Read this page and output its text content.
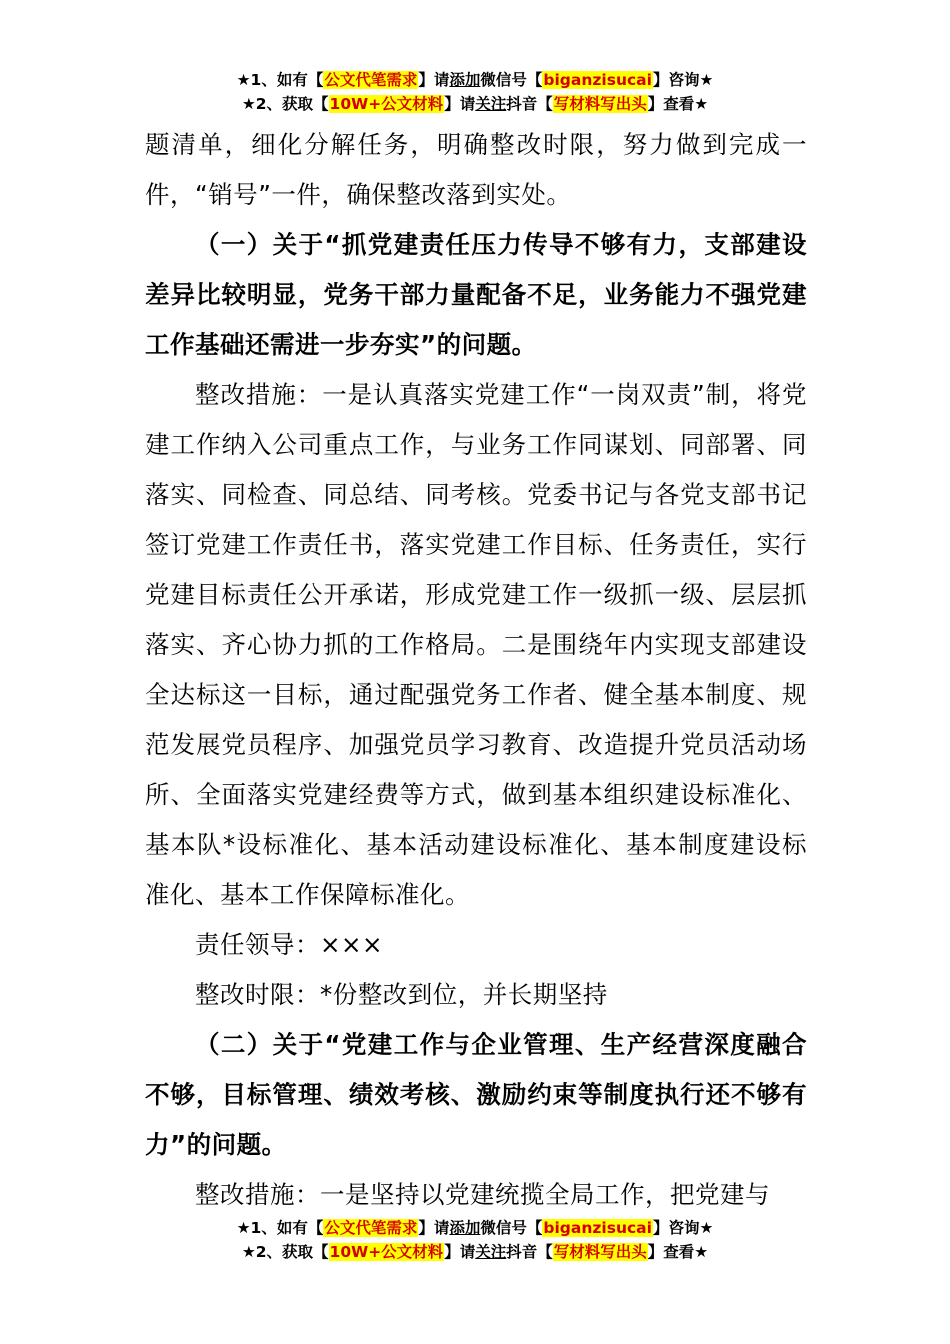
★1、如有【公文代笔需求】请添加微信号【biganzisucai】咨询★
★2、获取【10W+公文材料】请关注抖音【写材料写出头】查看★

题清单，细化分解任务，明确整改时限，努力做到完成一件，“销号”一件，确保整改落到实处。

（一）关于“抓党建责任压力传导不够有力，支部建设差异比较明显，党务干部力量配备不足，业务能力不强党建工作基础还需进一步夯实”的问题。

整改措施：一是认真落实党建工作“一岗双责”制，将党建工作纳入公司重点工作，与业务工作同谋划、同部署、同落实、同检查、同总结、同考核。党委书记与各党支部书记签订党建工作责任书，落实党建工作目标、任务责任，实行党建目标责任公开承诺，形成党建工作一级抓一级、层层抓落实、齐心协力抓的工作格局。二是围绕年内实现支部建设全达标这一目标，通过配强党务工作者、健全基本制度、规范发展党员程序、加强党员学习教育、改造提升党员活动场所、全面落实党建经费等方式，做到基本组织建设标准化、基本队*设标准化、基本活动建设标准化、基本制度建设标准化、基本工作保障标准化。

责任领导：×××

整改时限：*份整改到位，并长期坚持

（二）关于“党建工作与企业管理、生产经营深度融合不够，目标管理、绩效考核、激励约束等制度执行还不够有力”的问题。

整改措施：一是坚持以党建统揽全局工作，把党建与

★1、如有【公文代笔需求】请添加微信号【biganzisucai】咨询★
★2、获取【10W+公文材料】请关注抖音【写材料写出头】查看★
